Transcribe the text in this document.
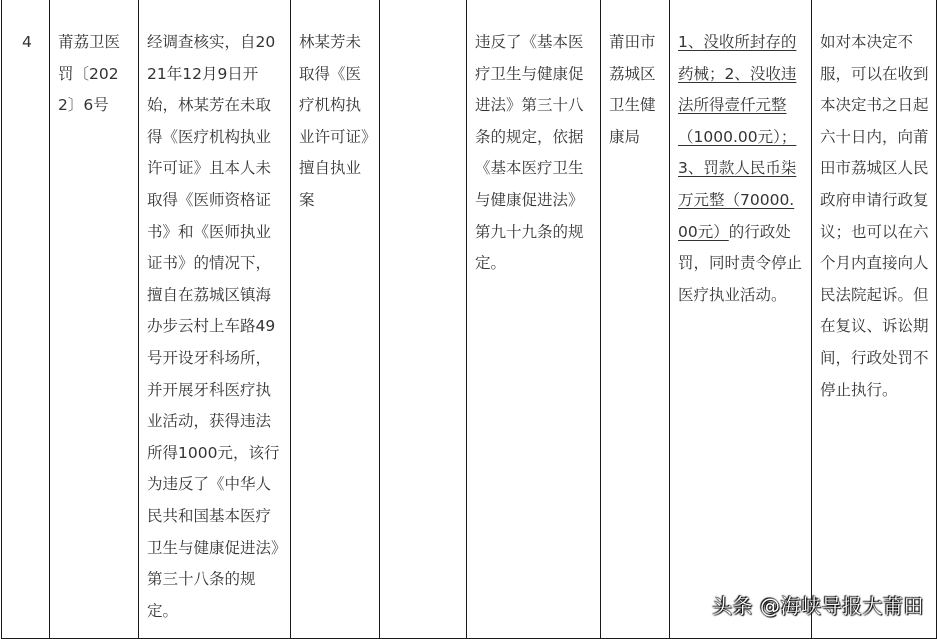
4	莆荔卫医罚〔2022〕6号	经调查核实，自2021年12月9日开始，林某芳在未取得《医疗机构执业许可证》且本人未取得《医师资格证书》和《医师执业证书》的情况下，擅自在荔城区镇海办步云村上车路49号开设牙科场所，并开展牙科医疗执业活动，获得违法所得1000元，该行为违反了《中华人民共和国基本医疗卫生与健康促进法》第三十八条的规定。	林某芳未取得《医疗机构执业许可证》擅自执业案		违反了《基本医疗卫生与健康促进法》第三十八条的规定，依据《基本医疗卫生与健康促进法》第九十九条的规定。	莆田市荔城区卫生健康局	1、没收所封存的药械；2、没收违法所得壹仟元整（1000.00元）；3、罚款人民币柒万元整（70000.00元）的行政处罚，同时责令停止医疗执业活动。	如对本决定不服，可以在收到本决定书之日起六十日内，向莆田市荔城区人民政府申请行政复议；也可以在六个月内直接向人民法院起诉。但在复议、诉讼期间，行政处罚不停止执行。
头条 @海峡导报大莆田
